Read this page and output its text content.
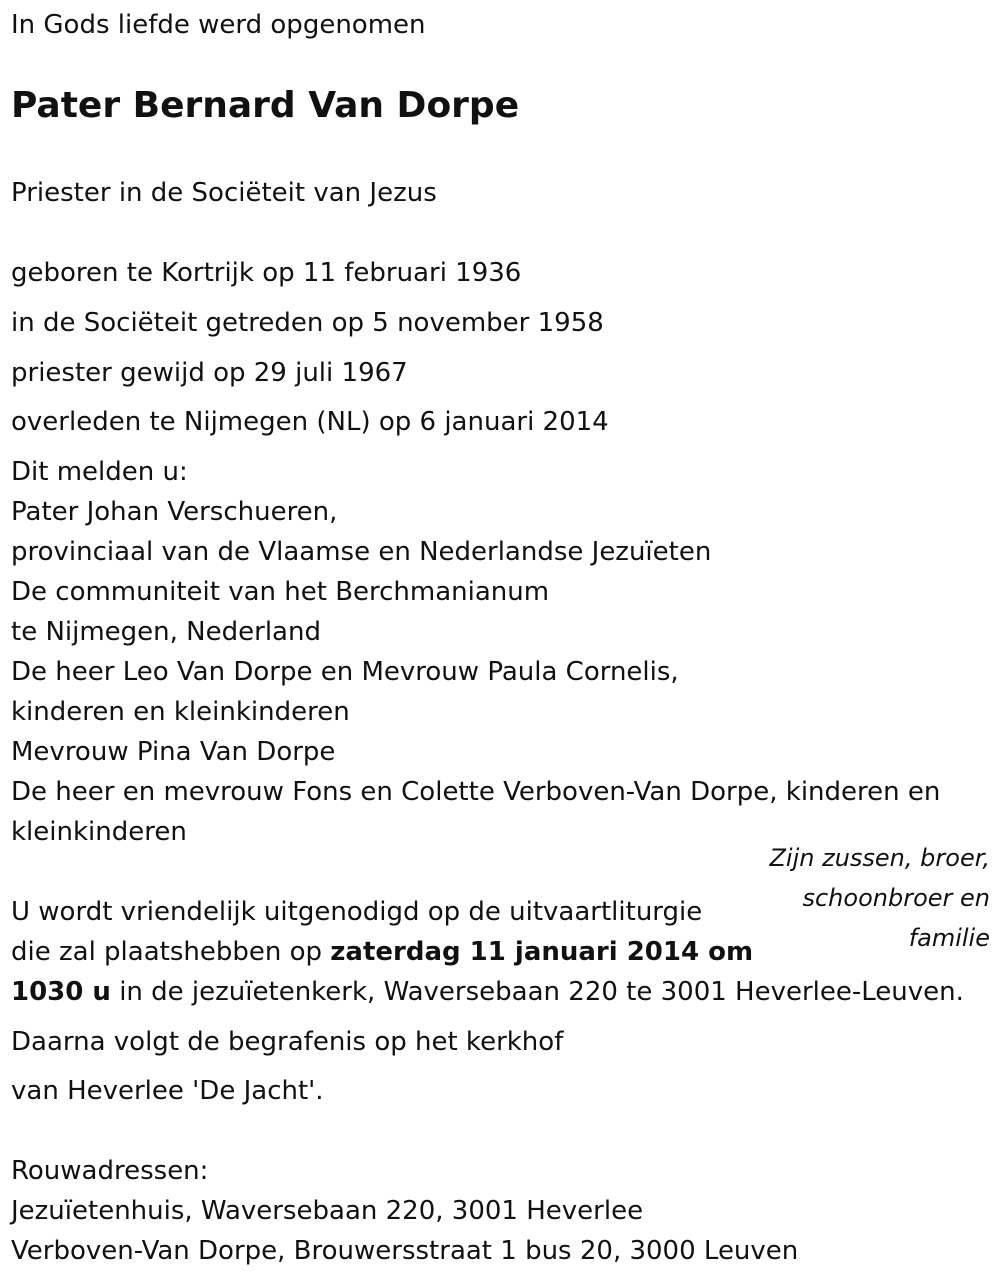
In Gods liefde werd opgenomen
Pater Bernard Van Dorpe
Priester in de Sociëteit van Jezus
geboren te Kortrijk op 11 februari 1936
in de Sociëteit getreden op 5 november 1958
priester gewijd op 29 juli 1967
overleden te Nijmegen (NL) op 6 januari 2014
Dit melden u:
Pater Johan Verschueren,
provinciaal van de Vlaamse en Nederlandse Jezuïeten
De communiteit van het Berchmanianum
te Nijmegen, Nederland
De heer Leo Van Dorpe en Mevrouw Paula Cornelis,
kinderen en kleinkinderen
Mevrouw Pina Van Dorpe
De heer en mevrouw Fons en Colette Verboven-Van Dorpe, kinderen en
kleinkinderen
Zijn zussen, broer, schoonbroer en familie
U wordt vriendelijk uitgenodigd op de uitvaartliturgie
die zal plaatshebben op zaterdag 11 januari 2014 om
1030 u in de jezuïetenkerk, Waversebaan 220 te 3001 Heverlee-Leuven.
Daarna volgt de begrafenis op het kerkhof
van Heverlee 'De Jacht'.
Rouwadressen:
Jezuïetenhuis, Waversebaan 220, 3001 Heverlee
Verboven-Van Dorpe, Brouwersstraat 1 bus 20, 3000 Leuven
